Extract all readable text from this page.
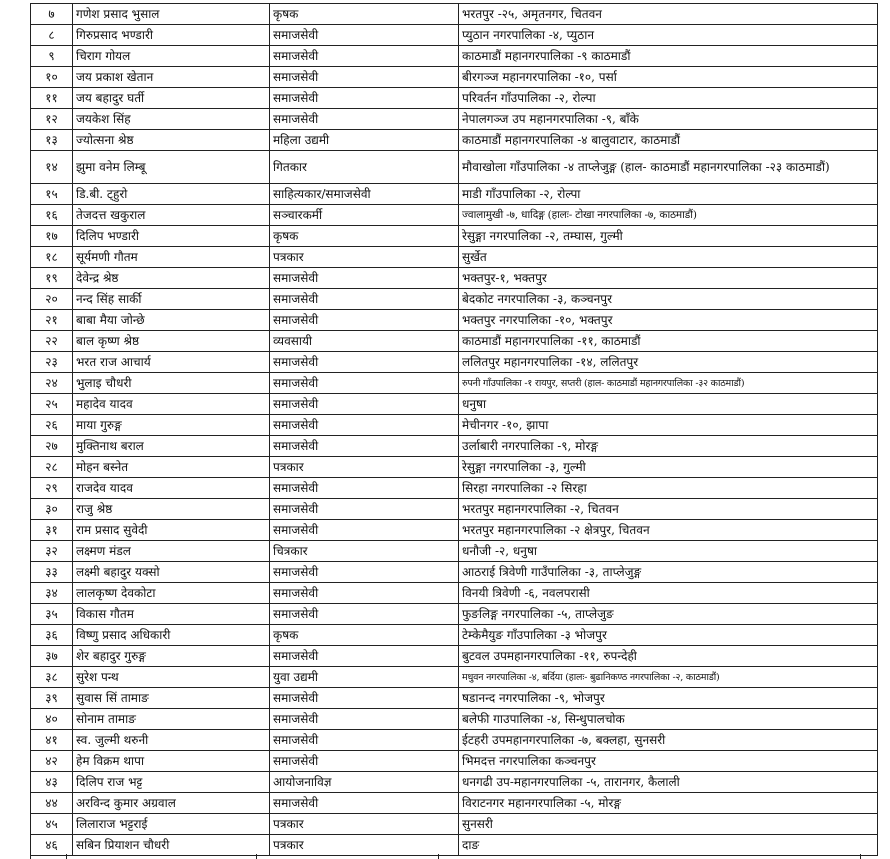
७	गणेश प्रसाद भुसाल	कृषक	भरतपुर -२५, अमृतनगर, चितवन
८	गिरुप्रसाद भण्डारी	समाजसेवी	प्युठान नगरपालिका -४, प्युठान
९	चिराग गोयल	समाजसेवी	काठमाडौं महानगरपालिका -९ काठमाडौं
१०	जय प्रकाश खेतान	समाजसेवी	बीरगञ्ज महानगरपालिका -१०, पर्सा
११	जय बहादुर घर्ती	समाजसेवी	परिवर्तन गाँउपालिका -२, रोल्पा
१२	जयकेश सिंह	समाजसेवी	नेपालगञ्ज उप महानगरपालिका -९, बाँके
१३	ज्योत्सना श्रेष्ठ	महिला उद्यमी	काठमाडौं महानगरपालिका -४ बालुवाटार, काठमाडौं
१४	झुमा वनेम लिम्बू	गितकार	मौवाखोला गाँउपालिका -४ ताप्लेजुङ्ग (हाल- काठमाडौं महानगरपालिका -२३ काठमाडौं)
१५	डि.बी. ट्हुरो	साहित्यकार/समाजसेवी	माडी गाँउपालिका -२, रोल्पा
१६	तेजदत्त खकुराल	सञ्चारकर्मी	ज्वालामुखी -७, धादिङ्ग (हालः- टोखा नगरपालिका -७, काठमाडौं)
१७	दिलिप भण्डारी	कृषक	रेसुङ्गा नगरपालिका -२, तम्घास, गुल्मी
१८	सूर्यमणी गौतम	पत्रकार	सुर्खेत
१९	देवेन्द्र श्रेष्ठ	समाजसेवी	भक्तपुर-१, भक्तपुर
२०	नन्द सिंह सार्की	समाजसेवी	बेदकोट नगरपालिका -३, कञ्चनपुर
२१	बाबा मैया जोन्छे	समाजसेवी	भक्तपुर नगरपालिका -१०, भक्तपुर
२२	बाल कृष्ण श्रेष्ठ	व्यवसायी	काठमाडौं महानगरपालिका -११, काठमाडौं
२३	भरत राज आचार्य	समाजसेवी	ललितपुर महानगरपालिका -१४, ललितपुर
२४	भुलाइ चौधरी	समाजसेवी	रुपनी गाँउपालिका -१ रायपुर, सप्तरी (हाल- काठमाडौं महानगरपालिका -३२ काठमाडौं)
२५	महादेव यादव	समाजसेवी	धनुषा
२६	माया गुरुङ्ग	समाजसेवी	मेचीनगर -१०, झापा
२७	मुक्तिनाथ बराल	समाजसेवी	उर्लाबारी नगरपालिका -९, मोरङ्ग
२८	मोहन बस्नेत	पत्रकार	रेसुङ्गा नगरपालिका -३, गुल्मी
२९	राजदेव यादव	समाजसेवी	सिरहा नगरपालिका -२ सिरहा
३०	राजु श्रेष्ठ	समाजसेवी	भरतपुर महानगरपालिका -२, चितवन
३१	राम प्रसाद सुवेदी	समाजसेवी	भरतपुर महानगरपालिका -२ क्षेत्रपुर, चितवन
३२	लक्ष्मण मंडल	चित्रकार	धनौजी -२, धनुषा
३३	लक्ष्मी बहादुर यक्सो	समाजसेवी	आठराई त्रिवेणी गाउँपालिका -३, ताप्लेजुङ्ग
३४	लालकृष्ण देवकोटा	समाजसेवी	विनयी त्रिवेणी -६, नवलपरासी
३५	विकास गौतम	समाजसेवी	फुङलिङ्ग नगरपालिका -५, ताप्लेजुङ
३६	विष्णु प्रसाद अधिकारी	कृषक	टेम्केमैयुङ गाँउपालिका -३ भोजपुर
३७	शेर बहादुर गुरुङ्ग	समाजसेवी	बुटवल उपमहानगरपालिका -११, रुपन्देही
३८	सुरेश पन्थ	युवा उद्यमी	मधुवन नगरपालिका -४, बर्दिया (हालः- बुढानिकण्ठ नगरपालिका -२, काठमाडौं)
३९	सुवास सिं तामाङ	समाजसेवी	षडानन्द नगरपालिका -९, भोजपुर
४०	सोनाम तामाङ	समाजसेवी	बलेफी गाउपालिका -४, सिन्धुपालचोक
४१	स्व. जुल्मी थरुनी	समाजसेवी	ईटहरी उपमहानगरपालिका -७, बक्लहा, सुनसरी
४२	हेम विक्रम थापा	समाजसेवी	भिमदत्त नगरपालिका कञ्चनपुर
४३	दिलिप राज भट्ट	आयोजनाविज्ञ	धनगढी उप-महानगरपालिका -५, तारानगर, कैलाली
४४	अरविन्द कुमार अग्रवाल	समाजसेवी	विराटनगर महानगरपालिका -५, मोरङ्ग
४५	लिलाराज भट्टराई	पत्रकार	सुनसरी
४६	सबिन प्रियाशन चौधरी	पत्रकार	दाङ
